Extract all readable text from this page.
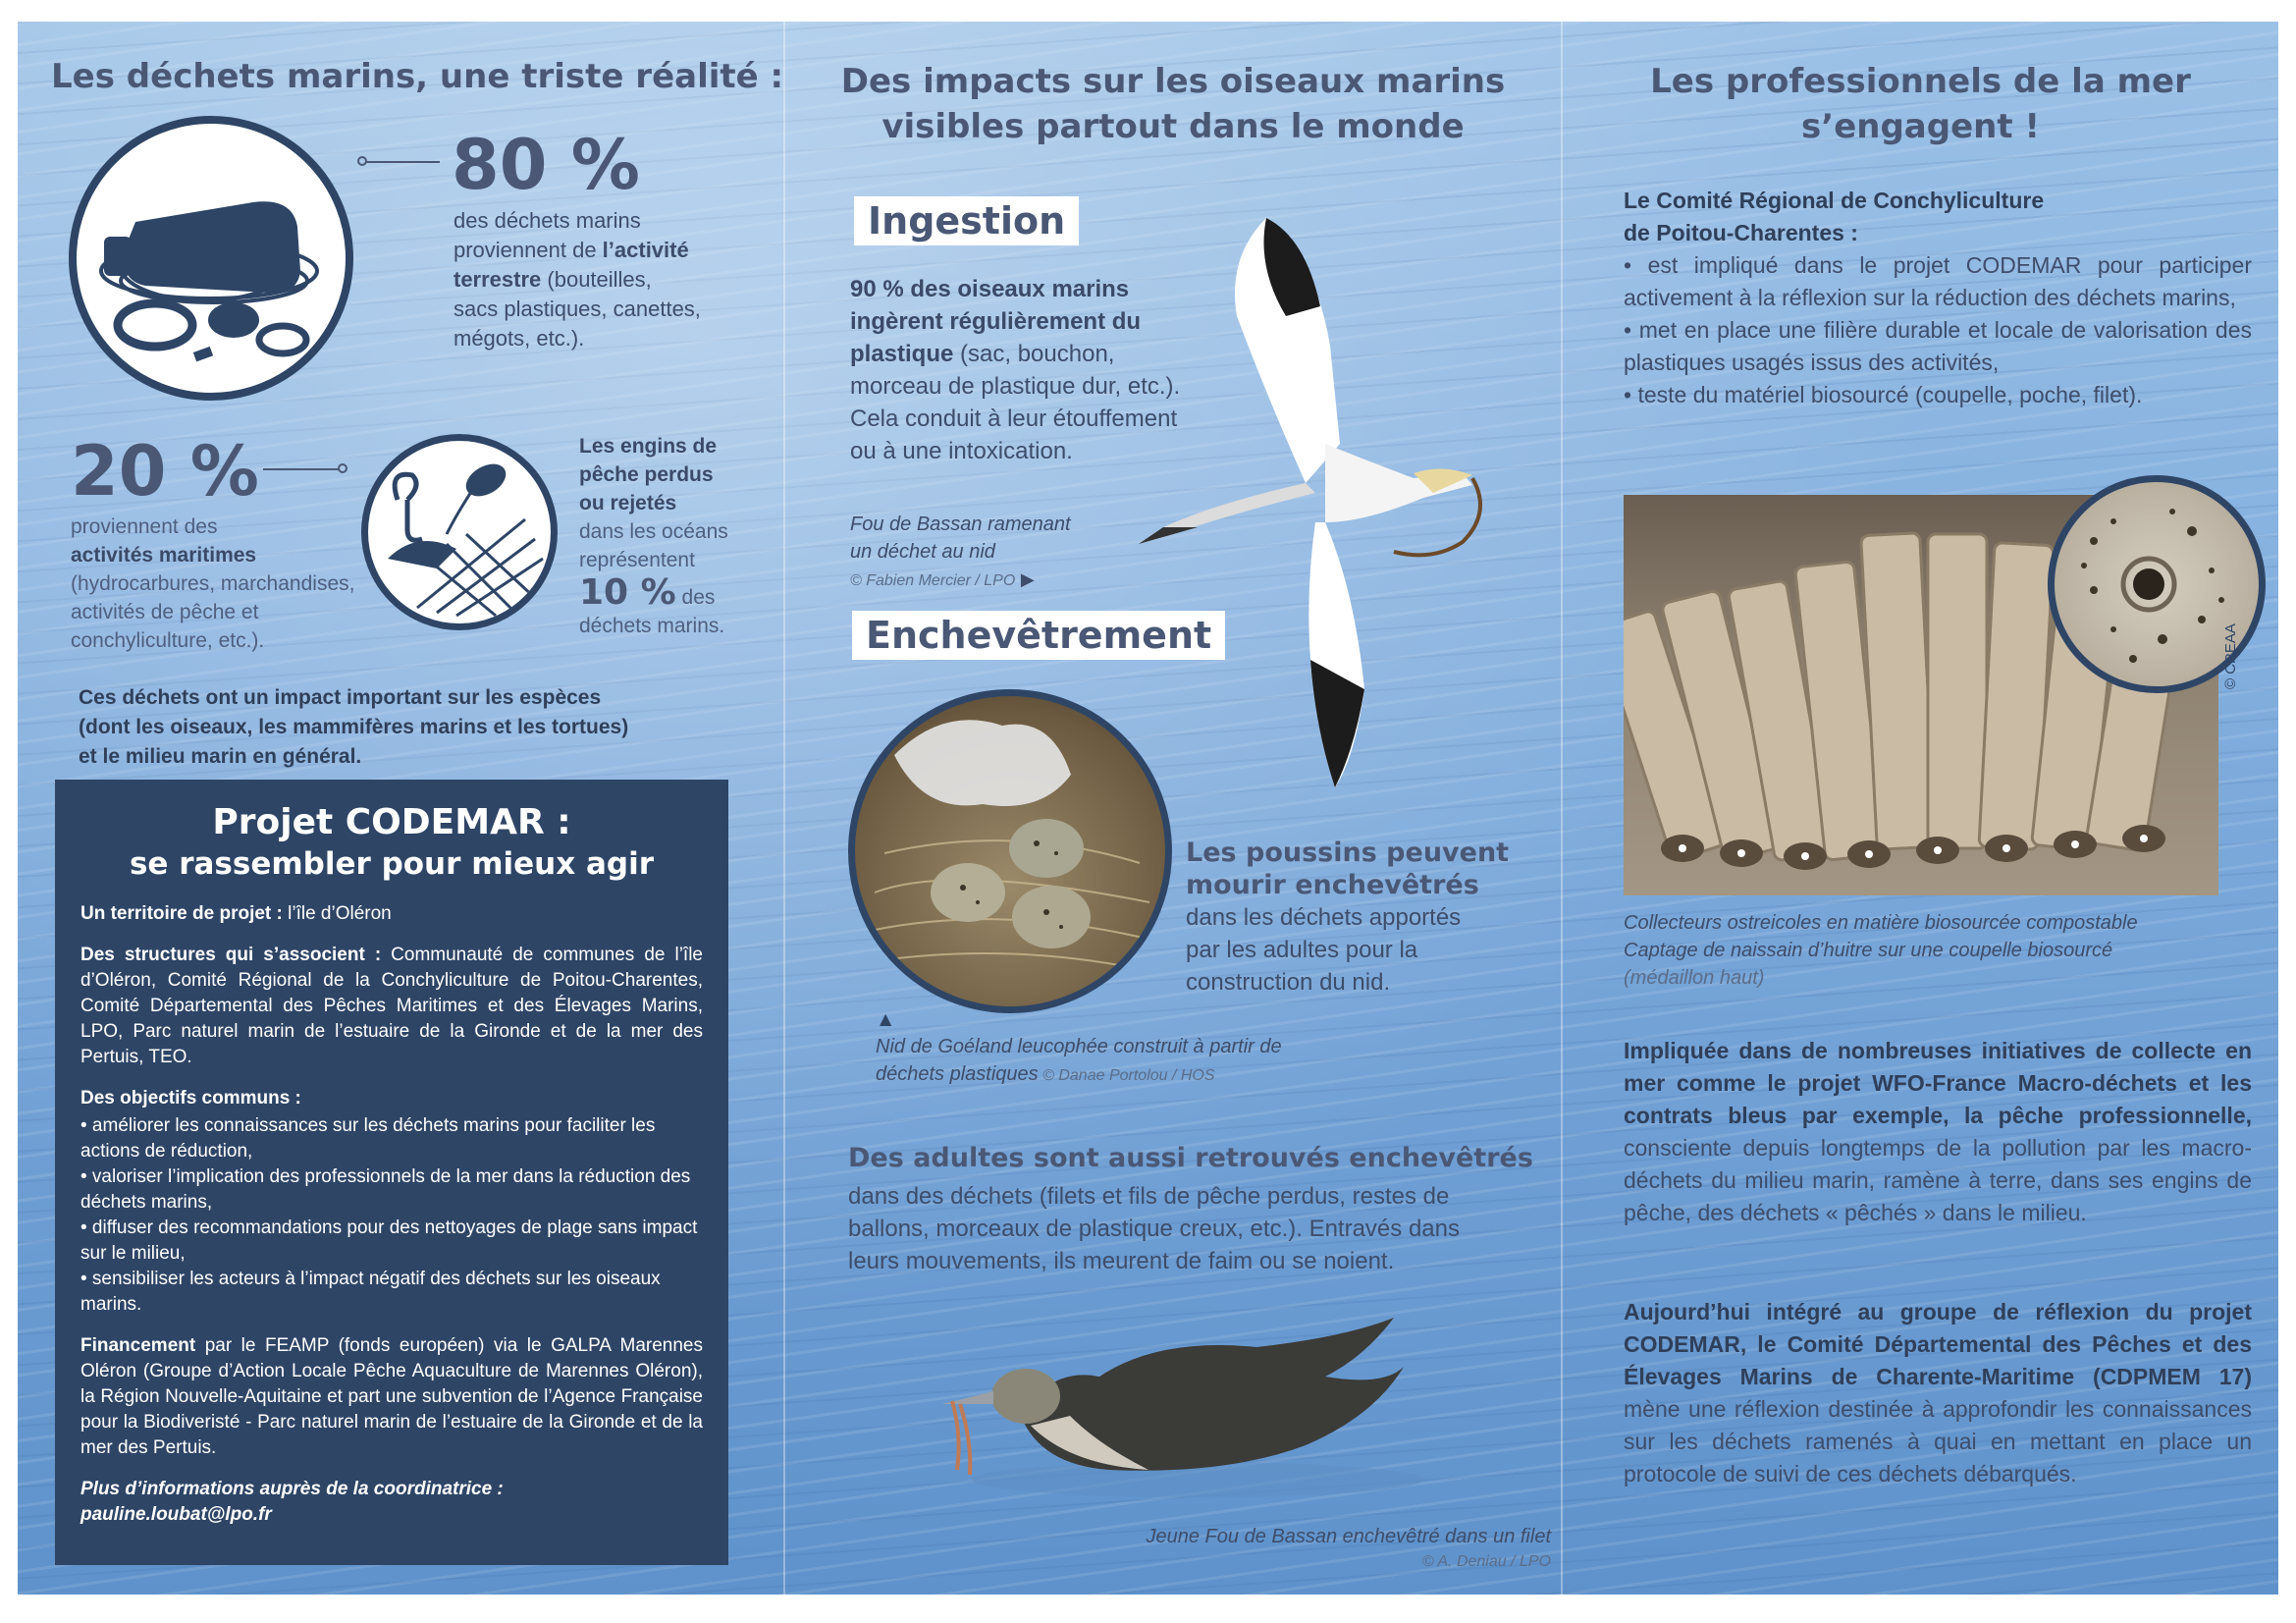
Les déchets marins, une triste réalité :
80 %
des déchets marins
proviennent de l’activité
terrestre (bouteilles,
sacs plastiques, canettes,
mégots, etc.).
20 %
proviennent des
activités maritimes
(hydrocarbures, marchandises,
activités de pêche et
conchyliculture, etc.).
Les engins de
pêche perdus
ou rejetés
dans les océans
représentent
10 % des
déchets marins.
Ces déchets ont un impact important sur les espèces
(dont les oiseaux, les mammifères marins et les tortues)
et le milieu marin en général.
Projet CODEMAR :
se rassembler pour mieux agir

Un territoire de projet : l’île d’Oléron

Des structures qui s’associent : Communauté de communes de l’île d’Oléron, Comité Régional de la Conchyliculture de Poitou-Charentes, Comité Départemental des Pêches Maritimes et des Élevages Marins, LPO, Parc naturel marin de l’estuaire de la Gironde et de la mer des Pertuis, TEO.

Des objectifs communs :

• améliorer les connaissances sur les déchets marins pour faciliter les actions de réduction,

• valoriser l’implication des professionnels de la mer dans la réduction des déchets marins,

• diffuser des recommandations pour des nettoyages de plage sans impact sur le milieu,

• sensibiliser les acteurs à l’impact négatif des déchets sur les oiseaux marins.

Financement par le FEAMP (fonds européen) via le GALPA Marennes Oléron (Groupe d’Action Locale Pêche Aquaculture de Marennes Oléron), la Région Nouvelle-Aquitaine et part une subvention de l’Agence Française pour la Biodiveristé - Parc naturel marin de l’estuaire de la Gironde et de la mer des Pertuis.

Plus d’informations auprès de la coordinatrice :

pauline.loubat@lpo.fr

Des impacts sur les oiseaux marins
visibles partout dans le monde
Ingestion
90 % des oiseaux marins
ingèrent régulièrement du
plastique (sac, bouchon,
morceau de plastique dur, etc.).
Cela conduit à leur étouffement
ou à une intoxication.
Fou de Bassan ramenant
un déchet au nid
© Fabien Mercier / LPO ▶
Enchevêtrement
Les poussins peuvent
mourir enchevêtrés
dans les déchets apportés
par les adultes pour la
construction du nid.
▲
Nid de Goéland leucophée construit à partir de
déchets plastiques © Danae Portolou / HOS
Des adultes sont aussi retrouvés enchevêtrés
dans des déchets (filets et fils de pêche perdus, restes de
ballons, morceaux de plastique creux, etc.). Entravés dans
leurs mouvements, ils meurent de faim ou se noient.
Jeune Fou de Bassan enchevêtré dans un filet
© A. Deniau / LPO
Les professionnels de la mer
s’engagent !
Le Comité Régional de Conchyliculture
de Poitou-Charentes :
• est impliqué dans le projet CODEMAR pour participer activement à la réflexion sur la réduction des déchets marins,
• met en place une filière durable et locale de valorisation des plastiques usagés issus des activités,
• teste du matériel biosourcé (coupelle, poche, filet).
© CREAA
Collecteurs ostreicoles en matière biosourcée compostable
Captage de naissain d’huitre sur une coupelle biosourcé
(médaillon haut)
Impliquée dans de nombreuses initiatives de collecte en mer comme le projet WFO-France Macro-déchets et les contrats bleus par exemple, la pêche professionnelle, consciente depuis longtemps de la pollution par les macro-déchets du milieu marin, ramène à terre, dans ses engins de pêche, des déchets « pêchés » dans le milieu.
Aujourd’hui intégré au groupe de réflexion du projet CODEMAR, le Comité Départemental des Pêches et des Élevages Marins de Charente-Maritime (CDPMEM 17) mène une réflexion destinée à approfondir les connaissances sur les déchets ramenés à quai en mettant en place un protocole de suivi de ces déchets débarqués.
